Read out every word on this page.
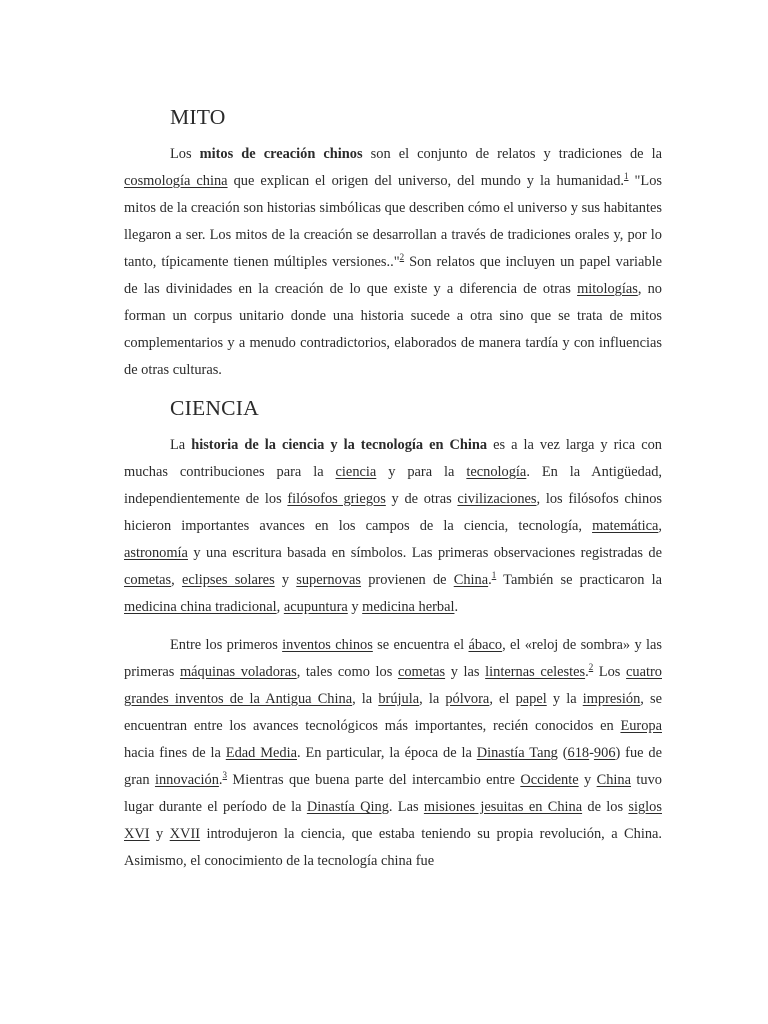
MITO

Los mitos de creación chinos son el conjunto de relatos y tradiciones de la cosmología china que explican el origen del universo, del mundo y la humanidad.$^1$ "Los mitos de la creación son historias simbólicas que describen cómo el universo y sus habitantes llegaron a ser. Los mitos de la creación se desarrollan a través de tradiciones orales y, por lo tanto, típicamente tienen múltiples versiones.."$^2$ Son relatos que incluyen un papel variable de las divinidades en la creación de lo que existe y a diferencia de otras mitologías, no forman un corpus unitario donde una historia sucede a otra sino que se trata de mitos complementarios y a menudo contradictorios, elaborados de manera tardía y con influencias de otras culturas.

CIENCIA

La historia de la ciencia y la tecnología en China es a la vez larga y rica con muchas contribuciones para la ciencia y para la tecnología. En la Antigüedad, independientemente de los filósofos griegos y de otras civilizaciones, los filósofos chinos hicieron importantes avances en los campos de la ciencia, tecnología, matemática, astronomía y una escritura basada en símbolos. Las primeras observaciones registradas de cometas, eclipses solares y supernovas provienen de China.$^1$ También se practicaron la medicina china tradicional, acupuntura y medicina herbal.

Entre los primeros inventos chinos se encuentra el ábaco, el «reloj de sombra» y las primeras máquinas voladoras, tales como los cometas y las linternas celestes.$^2$ Los cuatro grandes inventos de la Antigua China, la brújula, la pólvora, el papel y la impresión, se encuentran entre los avances tecnológicos más importantes, recién conocidos en Europa hacia fines de la Edad Media. En particular, la época de la Dinastía Tang (618-906) fue de gran innovación.$^3$ Mientras que buena parte del intercambio entre Occidente y China tuvo lugar durante el período de la Dinastía Qing. Las misiones jesuitas en China de los siglos XVI y XVII introdujeron la ciencia, que estaba teniendo su propia revolución, a China. Asimismo, el conocimiento de la tecnología china fue
